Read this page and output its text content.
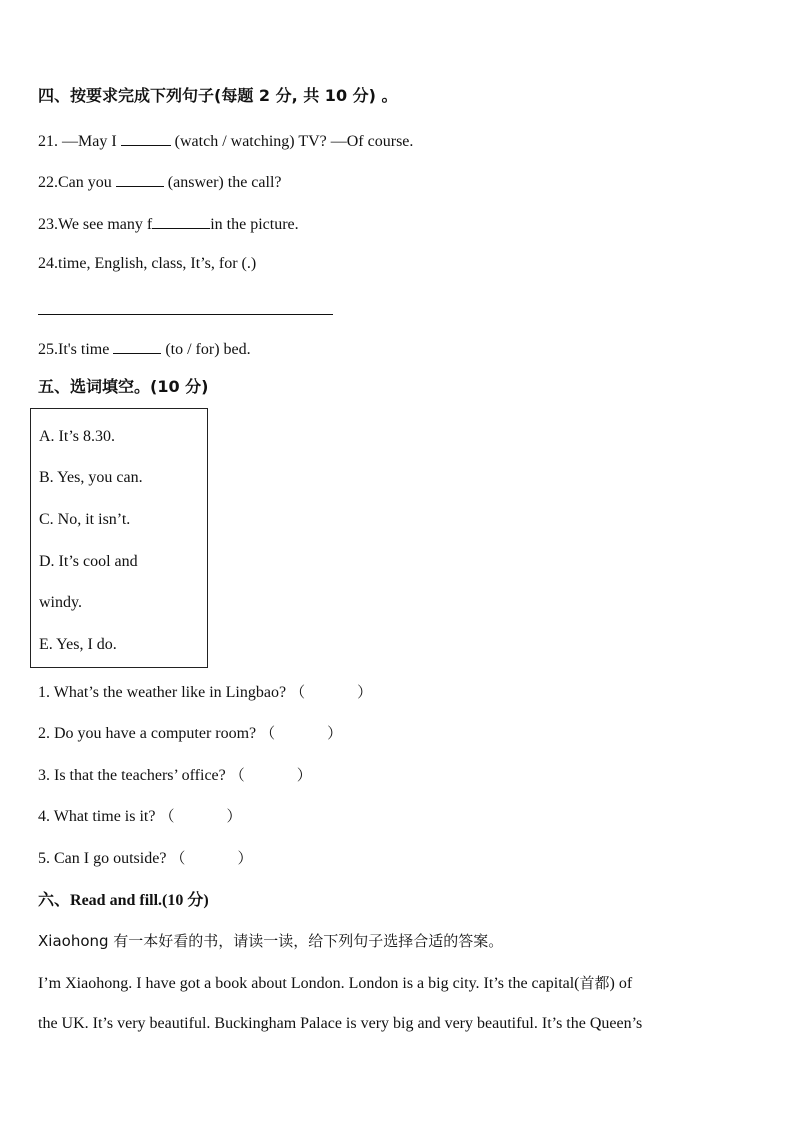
四、按要求完成下列句子(每题 2 分, 共 10 分) 。
21. —May I	(watch / watching) TV? —Of course.
22.Can you	(answer) the call?
23.We see many f	in the picture.
24.time, English, class, It’s, for (.)
25.It's time	(to / for) bed.
五、选词填空。(10 分)
A. It’s 8.30.
B. Yes, you can.
C. No, it isn’t.
D. It’s cool and
windy.
E. Yes, I do.
1. What’s the weather like in Lingbao? （	）
2. Do you have a computer room? （	）
3. Is that the teachers’ office? （	）
4. What time is it? （	）
5. Can I go outside? （	）
六、Read and fill.(10 分)
Xiaohong 有一本好看的书，请读一读，给下列句子选择合适的答案。
I’m Xiaohong. I have got a book about London. London is a big city. It’s the capital(首都) of
the UK. It’s very beautiful. Buckingham Palace is very big and very beautiful. It’s the Queen’s
